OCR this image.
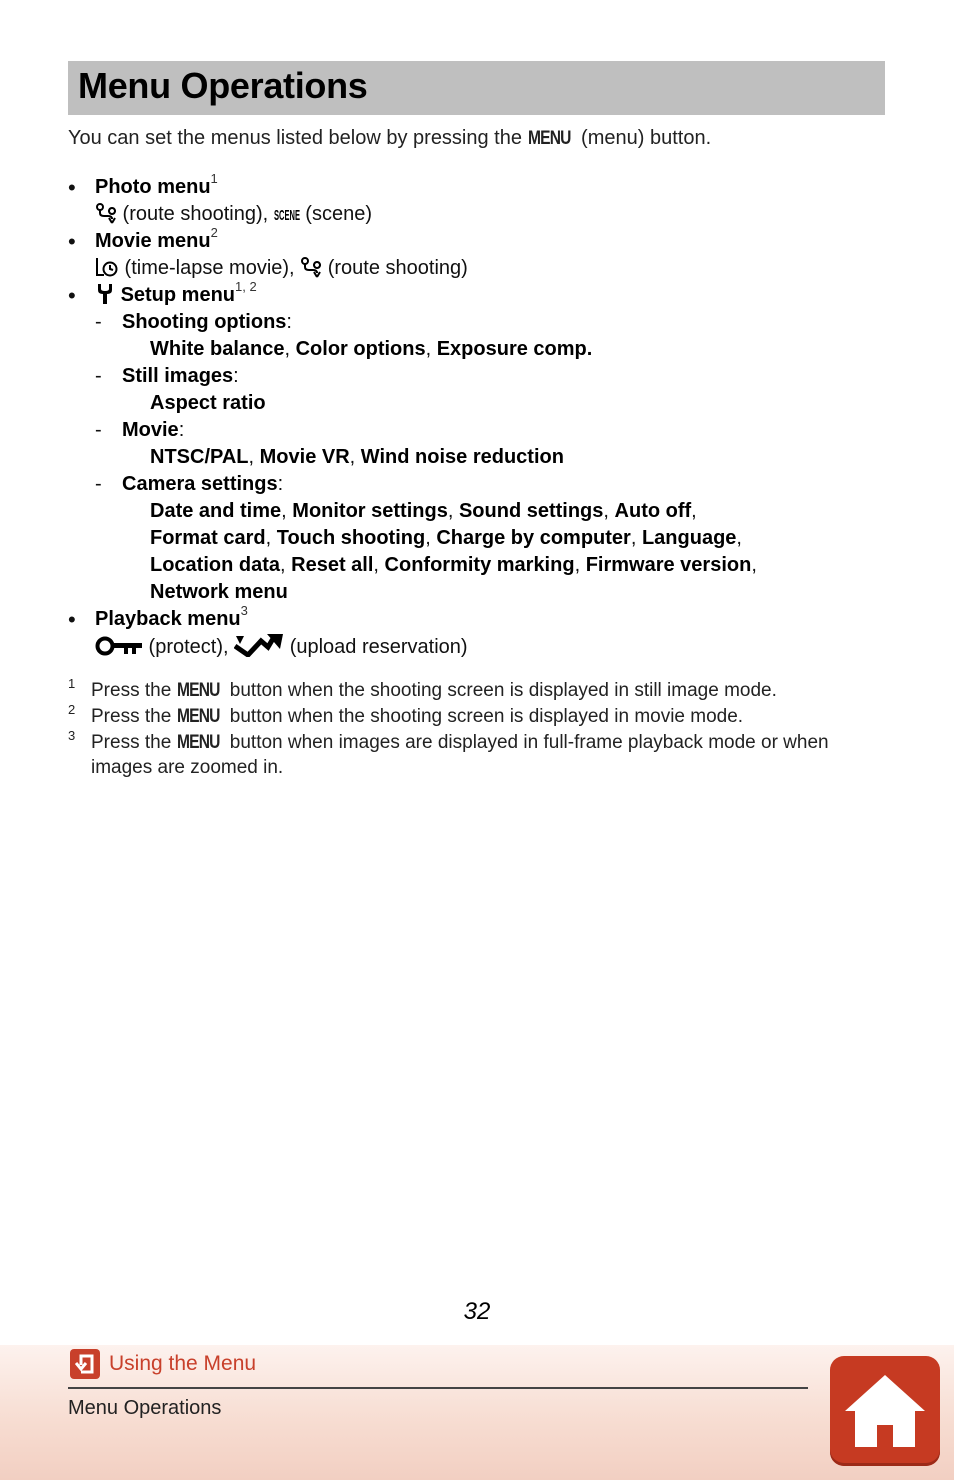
Menu Operations

You can set the menus listed below by pressing the MENU (menu) button.

• Photo menu$^1$
(route shooting), SCENE (scene)
• Movie menu$^2$
(time-lapse movie),  (route shooting)
•	Setup menu$^{1, 2}$
- Shooting options:
White balance, Color options, Exposure comp.
- Still images:
Aspect ratio
- Movie:
NTSC/PAL, Movie VR, Wind noise reduction
- Camera settings:
Date and time, Monitor settings, Sound settings, Auto off,
Format card, Touch shooting, Charge by computer, Language,
Location data, Reset all, Conformity marking, Firmware version,
Network menu
• Playback menu$^3$
(protect),	(upload reservation)
1 Press the MENU button when the shooting screen is displayed in still image mode.
2 Press the MENU button when the shooting screen is displayed in movie mode.
3 Press the MENU button when images are displayed in full-frame playback mode or when images are zoomed in.
32
Using the Menu
Menu Operations
